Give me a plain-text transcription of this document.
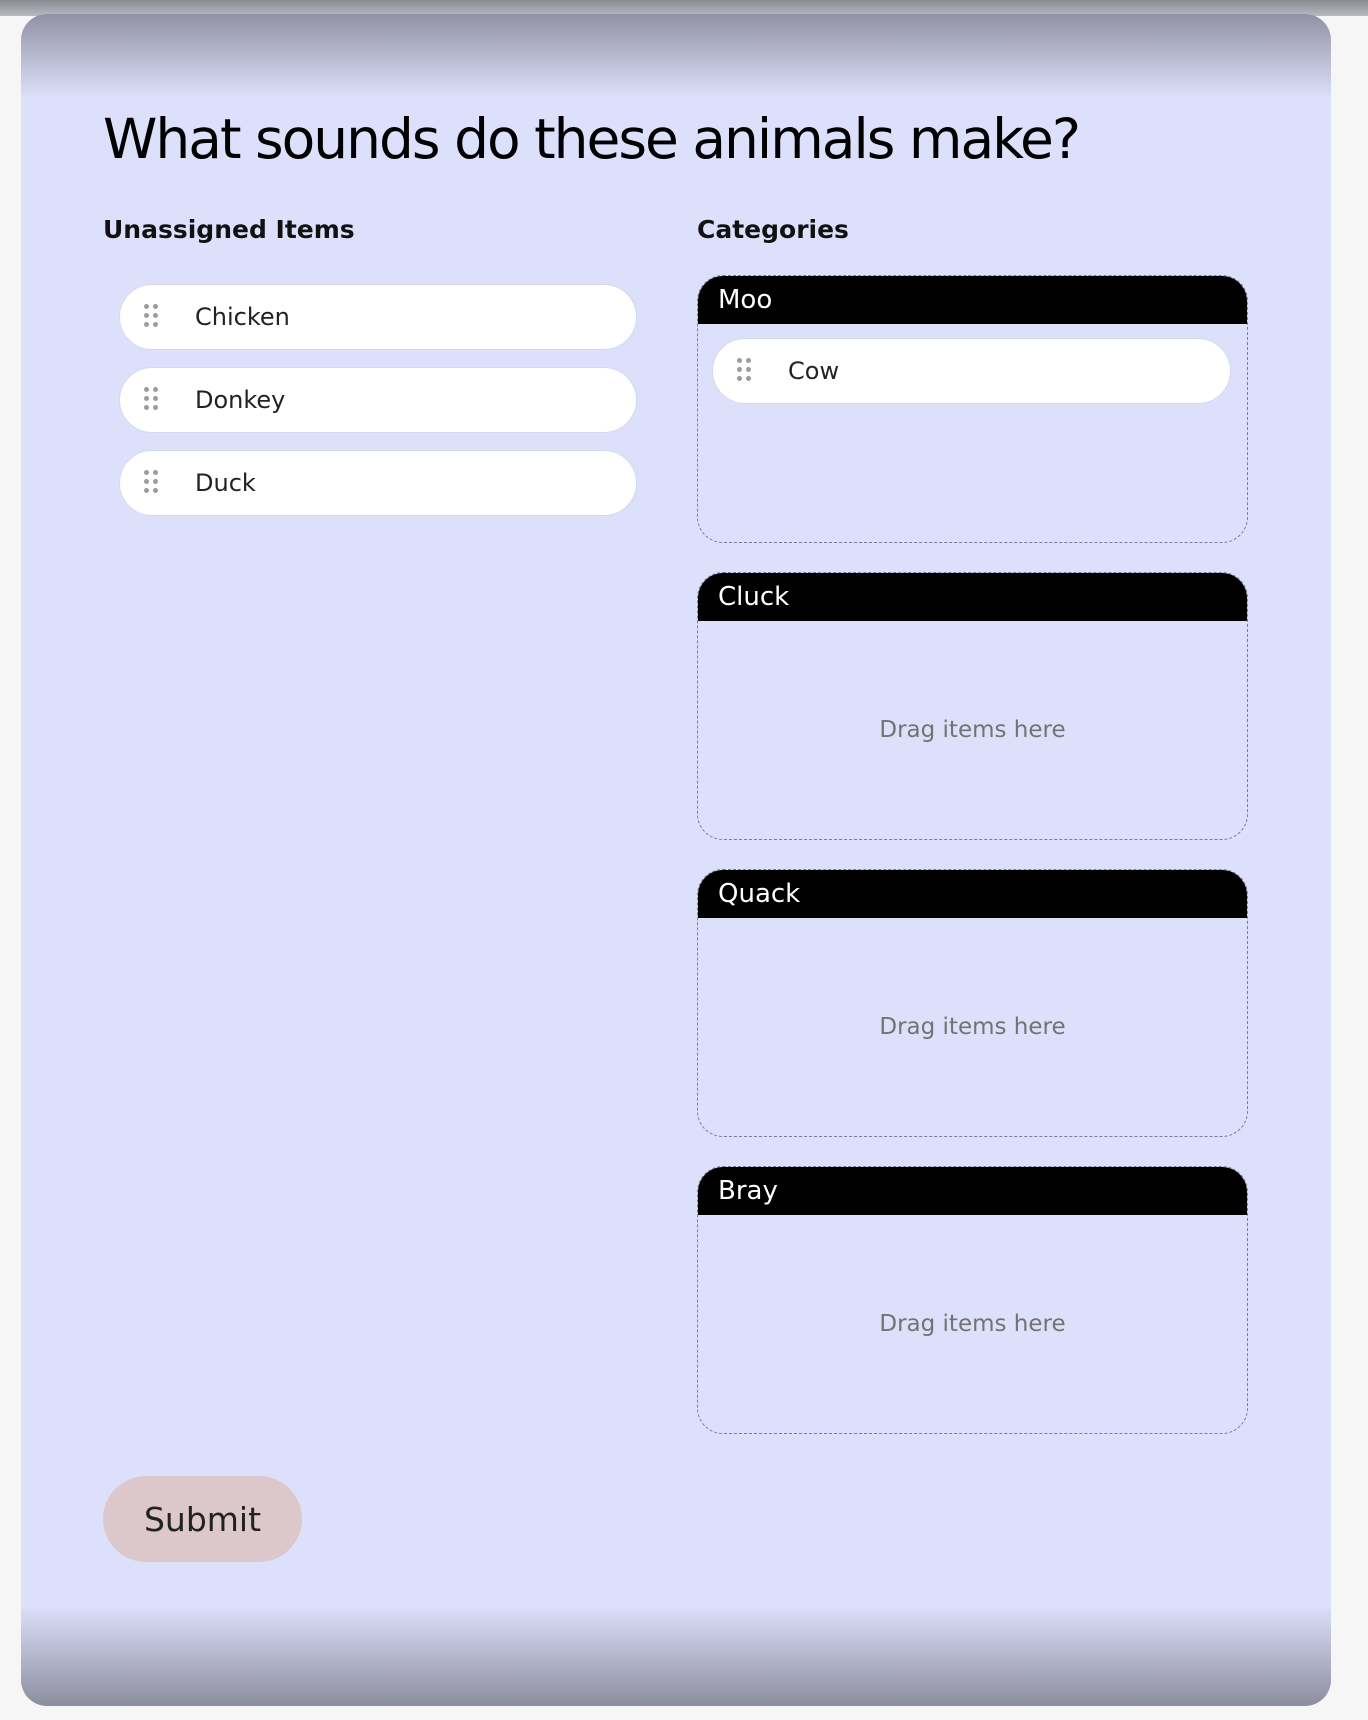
What sounds do these animals make?
Unassigned Items	Categories
Chicken
Donkey
Duck
Moo
Cow
Cluck
Drag items here
Quack
Drag items here
Bray
Drag items here
Submit
